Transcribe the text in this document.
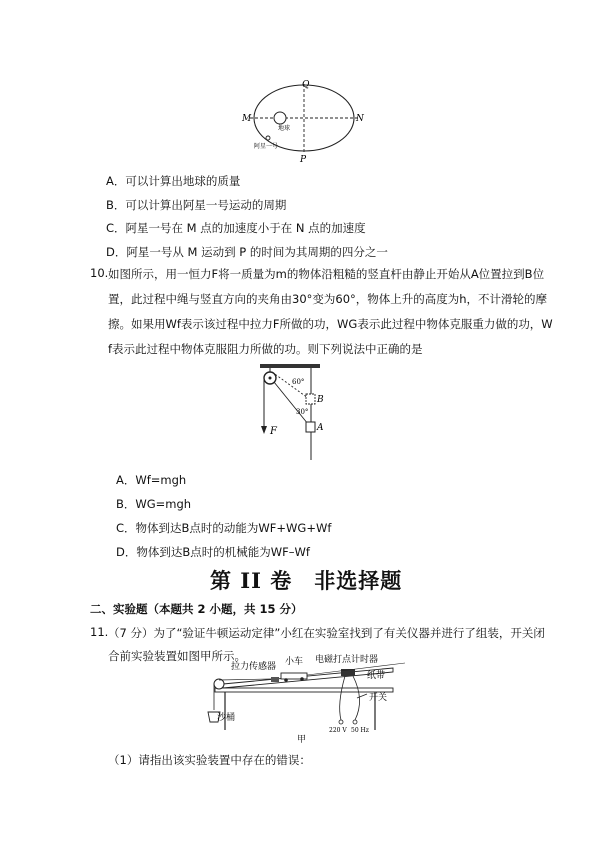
Q
M	N
P
地球
阿星一号
A．可以计算出地球的质量
B．可以计算出阿星一号运动的周期
C．阿星一号在 M 点的加速度小于在 N 点的加速度
D．阿星一号从 M 运动到 P 的时间为其周期的四分之一
10. 如图所示，用一恒力F将一质量为m的物体沿粗糙的竖直杆由静止开始从A位置拉到B位
置，此过程中绳与竖直方向的夹角由30°变为60°，物体上升的高度为h，不计滑轮的摩
擦。如果用Wf表示该过程中拉力F所做的功，WG表示此过程中物体克服重力做的功，W
f表示此过程中物体克服阻力所做的功。则下列说法中正确的是
60°
30°
B
A
F
A．Wf=mgh
B．WG=mgh
C．物体到达B点时的动能为WF+WG+Wf
D．物体到达B点时的机械能为WF–Wf
第 II 卷　非选择题
二、实验题（本题共 2 小题，共 15 分）
11. （7 分）为了“验证牛顿运动定律”小红在实验室找到了有关仪器并进行了组装，开关闭
合前实验装置如图甲所示。
拉力传感器 小车 电磁打点计时器
纸带
开关
沙桶
220 V 50 Hz
甲
（1）请指出该实验装置中存在的错误：
